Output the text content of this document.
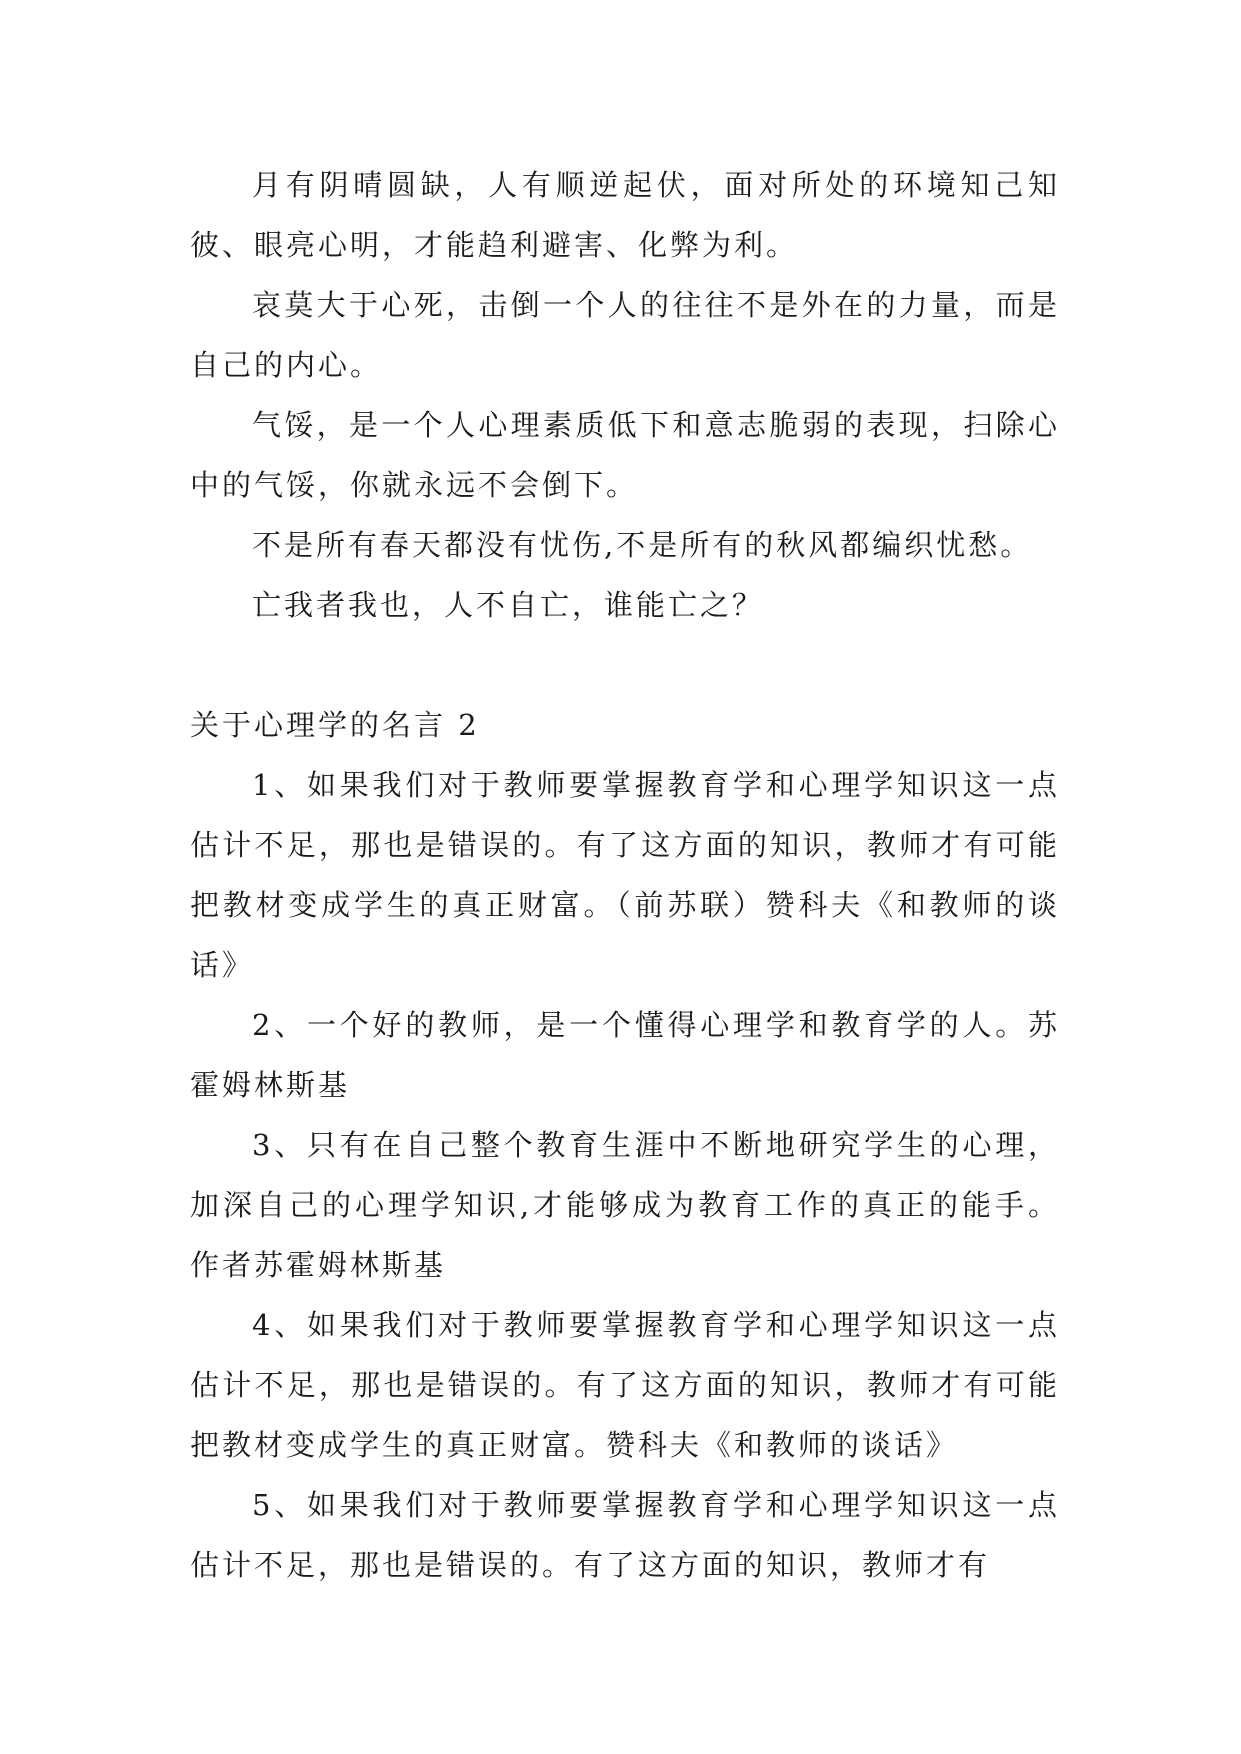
月有阴晴圆缺，人有顺逆起伏，面对所处的环境知己知彼、眼亮心明，才能趋利避害、化弊为利。

哀莫大于心死，击倒一个人的往往不是外在的力量，而是自己的内心。

气馁，是一个人心理素质低下和意志脆弱的表现，扫除心中的气馁，你就永远不会倒下。

不是所有春天都没有忧伤,不是所有的秋风都编织忧愁。

亡我者我也，人不自亡，谁能亡之？

关于心理学的名言 2

1、如果我们对于教师要掌握教育学和心理学知识这一点估计不足，那也是错误的。有了这方面的知识，教师才有可能把教材变成学生的真正财富。（前苏联）赞科夫《和教师的谈话》

2、一个好的教师，是一个懂得心理学和教育学的人。苏霍姆林斯基

3、只有在自己整个教育生涯中不断地研究学生的心理，加深自己的心理学知识,才能够成为教育工作的真正的能手。作者苏霍姆林斯基

4、如果我们对于教师要掌握教育学和心理学知识这一点估计不足，那也是错误的。有了这方面的知识，教师才有可能把教材变成学生的真正财富。赞科夫《和教师的谈话》

5、如果我们对于教师要掌握教育学和心理学知识这一点估计不足，那也是错误的。有了这方面的知识，教师才有
